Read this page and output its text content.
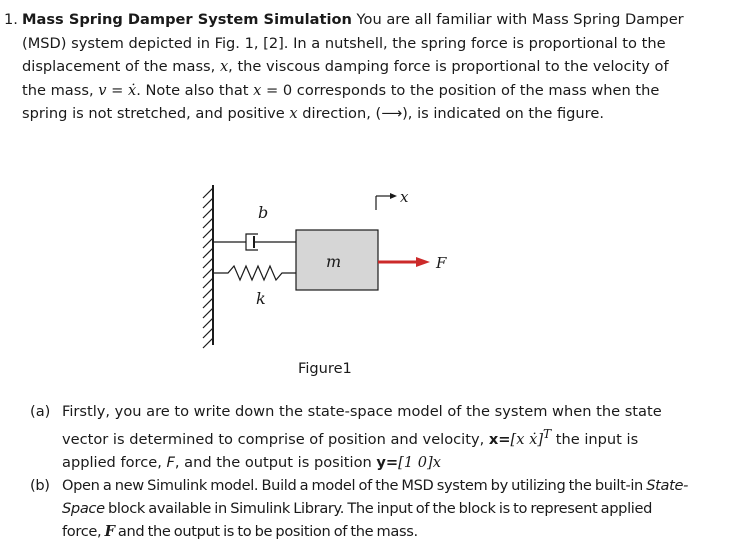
1. Mass Spring Damper System Simulation You are all familiar with Mass Spring Damper (MSD) system depicted in Fig. 1, [2]. In a nutshell, the spring force is proportional to the displacement of the mass, x, the viscous damping force is proportional to the velocity of the mass, v = ẋ. Note also that x = 0 corresponds to the position of the mass when the spring is not stretched, and positive x direction, (⟶), is indicated on the figure.
b
k
m	F
x
Figure1
(a) Firstly, you are to write down the state-space model of the system when the state vector is determined to comprise of position and velocity, x=[x ẋ]$^T$ the input is applied force, F, and the output is position y=[1 0]x
(b) Open a new Simulink model. Build a model of the MSD system by utilizing the built-in State-Space block available in Simulink Library. The input of the block is to represent applied force, F and the output is to be position of the mass.
